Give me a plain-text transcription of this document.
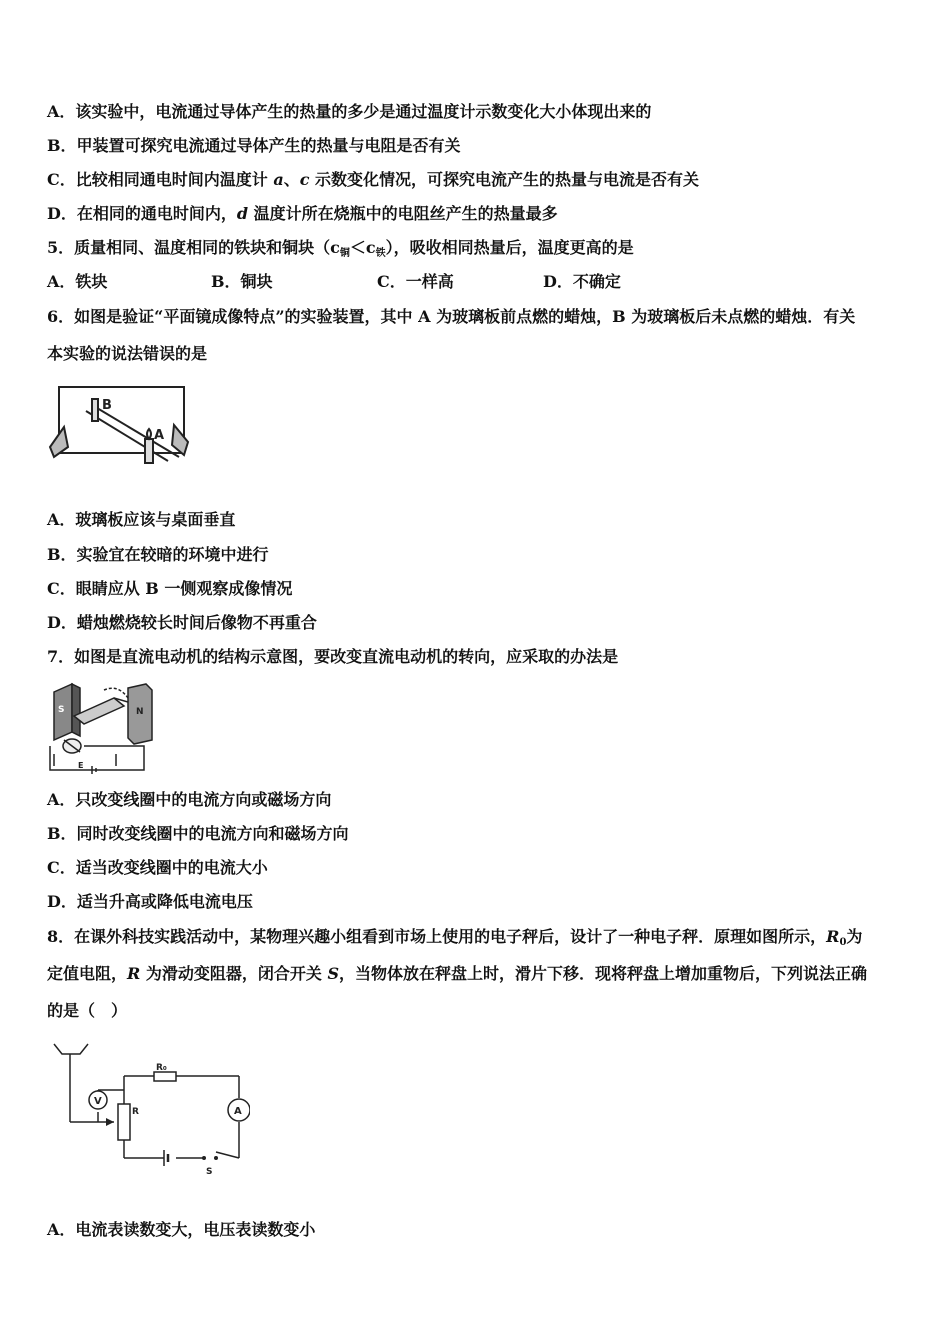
A．该实验中，电流通过导体产生的热量的多少是通过温度计示数变化大小体现出来的
B．甲装置可探究电流通过导体产生的热量与电阻是否有关
C．比较相同通电时间内温度计 a、c 示数变化情况，可探究电流产生的热量与电流是否有关
D．在相同的通电时间内，d 温度计所在烧瓶中的电阻丝产生的热量最多
5．质量相同、温度相同的铁块和铜块$(c_铜<c_铁)$，吸收相同热量后，温度更高的是
A．铁块	B．铜块	C．一样高	D．不确定
6．如图是验证“平面镜成像特点”的实验装置，其中 A 为玻璃板前点燃的蜡烛，B 为玻璃板后未点燃的蜡烛．有关
本实验的说法错误的是
B
A
A．玻璃板应该与桌面垂直
B．实验宜在较暗的环境中进行
C．眼睛应从 B 一侧观察成像情况
D．蜡烛燃烧较长时间后像物不再重合
7．如图是直流电动机的结构示意图，要改变直流电动机的转向，应采取的办法是
S	N
E
A．只改变线圈中的电流方向或磁场方向
B．同时改变线圈中的电流方向和磁场方向
C．适当改变线圈中的电流大小
D．适当升高或降低电流电压
8．在课外科技实践活动中，某物理兴趣小组看到市场上使用的电子秤后，设计了一种电子秤．原理如图所示，$R_0$为
定值电阻，R 为滑动变阻器，闭合开关 S，当物体放在秤盘上时，滑片下移．现将秤盘上增加重物后，下列说法正确
的是（　）
R₀
R
V
A
S
A．电流表读数变大，电压表读数变小
